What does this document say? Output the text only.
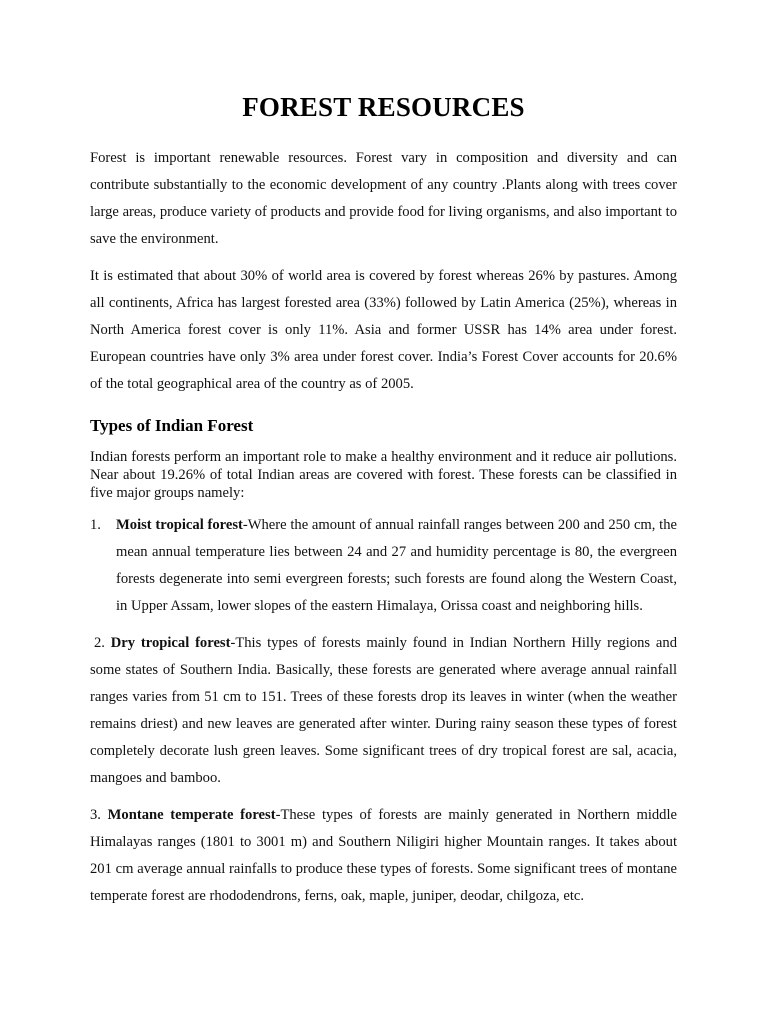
FOREST RESOURCES

Forest is important renewable resources. Forest vary in composition and diversity and can contribute substantially to the economic development of any country .Plants along with trees cover large areas, produce variety of products and provide food for living organisms, and also important to save the environment.

It is estimated that about 30% of world area is covered by forest whereas 26% by pastures. Among all continents, Africa has largest forested area (33%) followed by Latin America (25%), whereas in North America forest cover is only 11%. Asia and former USSR has 14% area under forest. European countries have only 3% area under forest cover. India’s Forest Cover accounts for 20.6% of the total geographical area of the country as of 2005.

Types of Indian Forest

Indian forests perform an important role to make a healthy environment and it reduce air pollutions. Near about 19.26% of total Indian areas are covered with forest. These forests can be classified in five major groups namely:

1.	Moist tropical forest-Where the amount of annual rainfall ranges between 200 and 250 cm, the mean annual temperature lies between 24 and 27 and humidity percentage is 80, the evergreen forests degenerate into semi evergreen forests; such forests are found along the Western Coast, in Upper Assam, lower slopes of the eastern Himalaya, Orissa coast and neighboring hills.

2. Dry tropical forest-This types of forests mainly found in Indian Northern Hilly regions and some states of Southern India. Basically, these forests are generated where average annual rainfall ranges varies from 51 cm to 151. Trees of these forests drop its leaves in winter (when the weather remains driest) and new leaves are generated after winter. During rainy season these types of forest completely decorate lush green leaves. Some significant trees of dry tropical forest are sal, acacia, mangoes and bamboo.

3. Montane temperate forest-These types of forests are mainly generated in Northern middle Himalayas ranges (1801 to 3001 m) and Southern Niligiri higher Mountain ranges. It takes about 201 cm average annual rainfalls to produce these types of forests. Some significant trees of montane temperate forest are rhododendrons, ferns, oak, maple, juniper, deodar, chilgoza, etc.
